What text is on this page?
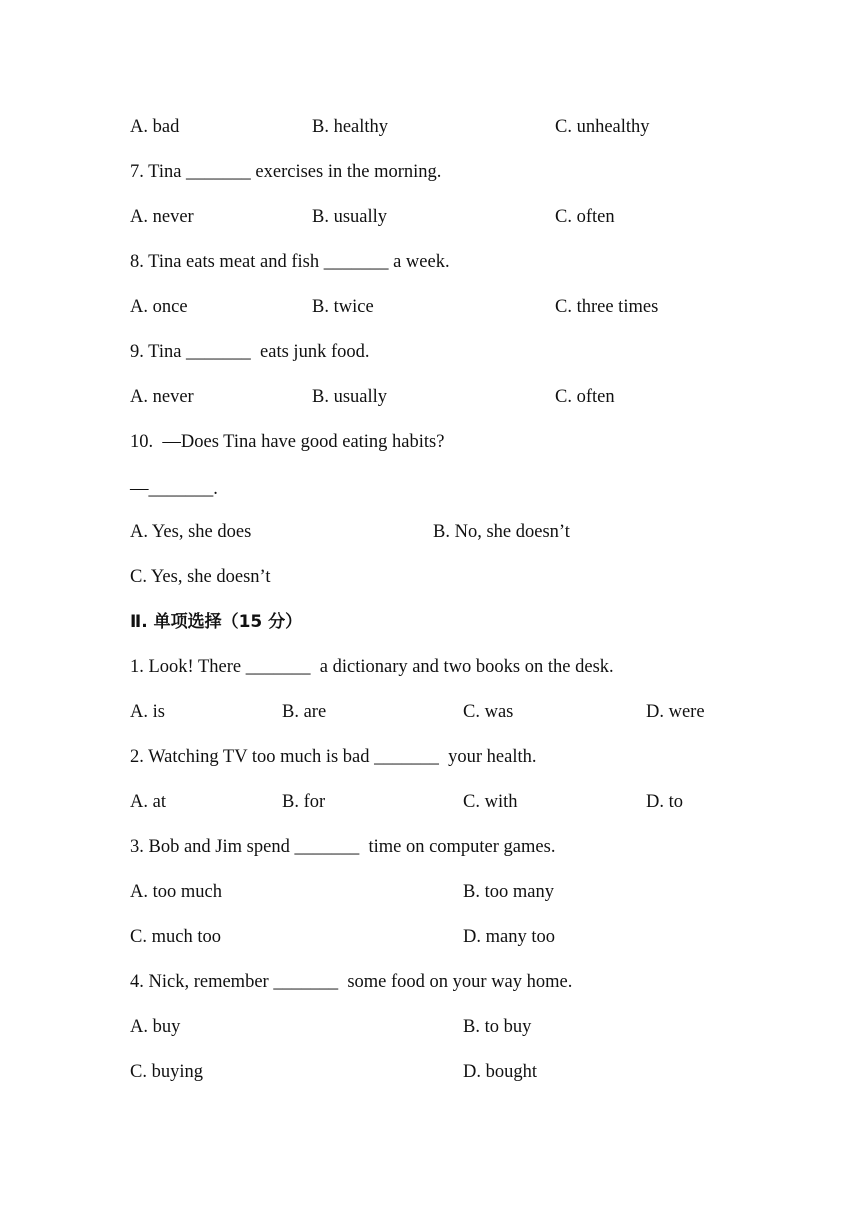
A. bad	B. healthy	C. unhealthy
7. Tina _______ exercises in the morning.
A. never	B. usually	C. often
8. Tina eats meat and fish _______ a week.
A. once	B. twice	C. three times
9. Tina _______  eats junk food.
A. never	B. usually	C. often
10.  —Does Tina have good eating habits?
—_______.
A. Yes, she does	B. No, she doesn’t
C. Yes, she doesn’t
Ⅱ. 单项选择（15 分）
1. Look! There _______  a dictionary and two books on the desk.
A. is	B. are	C. was	D. were
2. Watching TV too much is bad _______  your health.
A. at	B. for	C. with	D. to
3. Bob and Jim spend _______  time on computer games.
A. too much	B. too many
C. much too	D. many too
4. Nick, remember _______  some food on your way home.
A. buy	B. to buy
C. buying	D. bought
